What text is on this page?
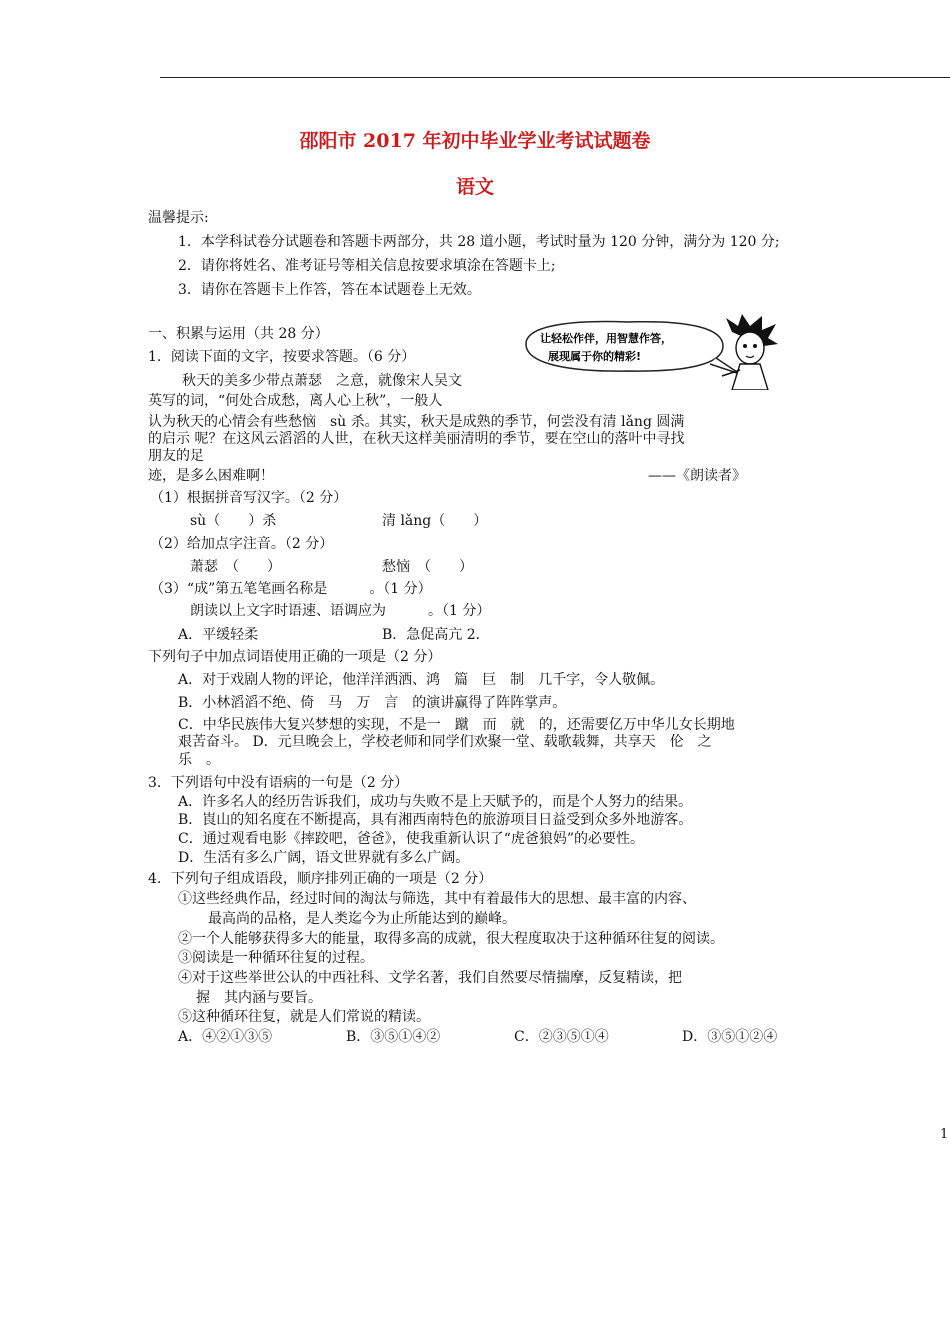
邵阳市 2017 年初中毕业学业考试试题卷
语文
温馨提示:
1．本学科试卷分试题卷和答题卡两部分，共 28 道小题，考试时量为 120 分钟，满分为 120 分;
2．请你将姓名、准考证号等相关信息按要求填涂在答题卡上;
3．请你在答题卡上作答，答在本试题卷上无效。
让轻松作伴，用智慧作答，
展现属于你的精彩!
一、积累与运用（共 28 分）
1．阅读下面的文字，按要求答题。（6 分）
秋天的美多少带点萧瑟　之意，就像宋人吴文
英写的词，“何处合成愁，离人心上秋”，一般人
认为秋天的心情会有些愁恼　sù 杀。其实，秋天是成熟的季节，何尝没有清 lǎng 圆满
的启示 呢？在这风云滔滔的人世，在秋天这样美丽清明的季节，要在空山的落叶中寻找
朋友的足
迹，是多么困难啊！	——《朗读者》
（1）根据拼音写汉字。（2 分）
sù（　　）杀	清 lǎng（　　）
（2）给加点字注音。（2 分）
萧瑟　（　　）	愁恼　（　　）
（3）“成”第五笔笔画名称是　　　。（1 分）
朗读以上文字时语速、语调应为　　　。（1 分）
A．平缓轻柔	B．急促高亢 2．
下列句子中加点词语使用正确的一项是（2 分）
A．对于戏剧人物的评论，他洋洋洒洒、鸿　篇　巨　制　几千字，令人敬佩。
B．小林滔滔不绝、倚　马　万　言　的演讲赢得了阵阵掌声。
C．中华民族伟大复兴梦想的实现，不是一　蹴　而　就　的，还需要亿万中华儿女长期地
艰苦奋斗。 D．元旦晚会上，学校老师和同学们欢聚一堂、载歌载舞，共享天　伦　之
乐　。
3．下列语句中没有语病的一句是（2 分）
A．许多名人的经历告诉我们，成功与失败不是上天赋予的，而是个人努力的结果。
B．崀山的知名度在不断提高，具有湘西南特色的旅游项目日益受到众多外地游客。
C．通过观看电影《摔跤吧，爸爸》，使我重新认识了“虎爸狼妈”的必要性。
D．生活有多么广阔，语文世界就有多么广阔。
4．下列句子组成语段，顺序排列正确的一项是（2 分）
①这些经典作品，经过时间的淘汰与筛选，其中有着最伟大的思想、最丰富的内容、
最高尚的品格，是人类迄今为止所能达到的巅峰。
②一个人能够获得多大的能量，取得多高的成就，很大程度取决于这种循环往复的阅读。
③阅读是一种循环往复的过程。
④对于这些举世公认的中西社科、文学名著，我们自然要尽情揣摩，反复精读，把
握　其内涵与要旨。
⑤这种循环往复，就是人们常说的精读。
A．④②①③⑤	B．③⑤①④②	C．②③⑤①④	D．③⑤①②④
1
